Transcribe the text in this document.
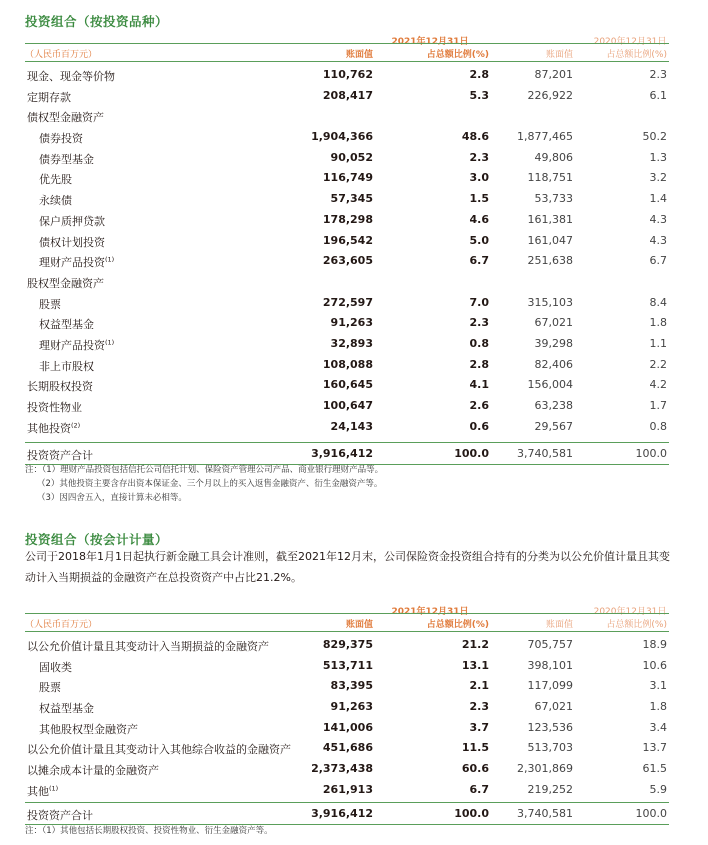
投资组合（按投资品种）
2021年12月31日	2020年12月31日
（人民币百万元）	账面值	占总额比例(%)	账面值	占总额比例(%)
现金、现金等价物	110,762	2.8	87,201	2.3
定期存款	208,417	5.3	226,922	6.1
债权型金融资产
债券投资	1,904,366	48.6	1,877,465	50.2
债券型基金	90,052	2.3	49,806	1.3
优先股	116,749	3.0	118,751	3.2
永续债	57,345	1.5	53,733	1.4
保户质押贷款	178,298	4.6	161,381	4.3
债权计划投资	196,542	5.0	161,047	4.3
理财产品投资$^{(1)}$	263,605	6.7	251,638	6.7
股权型金融资产
股票	272,597	7.0	315,103	8.4
权益型基金	91,263	2.3	67,021	1.8
理财产品投资$^{(1)}$	32,893	0.8	39,298	1.1
非上市股权	108,088	2.8	82,406	2.2
长期股权投资	160,645	4.1	156,004	4.2
投资性物业	100,647	2.6	63,238	1.7
其他投资$^{(2)}$	24,143	0.6	29,567	0.8
投资资产合计	3,916,412	100.0	3,740,581	100.0
注：（1）理财产品投资包括信托公司信托计划、保险资产管理公司产品、商业银行理财产品等。
（2）其他投资主要含存出资本保证金、三个月以上的买入返售金融资产、衍生金融资产等。
（3）因四舍五入，直接计算未必相等。
投资组合（按会计计量）
公司于2018年1月1日起执行新金融工具会计准则，截至2021年12月末，公司保险资金投资组合持有的分类为以公允价值计量且其变动计入当期损益的金融资产在总投资资产中占比21.2%。
2021年12月31日	2020年12月31日
（人民币百万元）	账面值	占总额比例(%)	账面值	占总额比例(%)
以公允价值计量且其变动计入当期损益的金融资产	829,375	21.2	705,757	18.9
固收类	513,711	13.1	398,101	10.6
股票	83,395	2.1	117,099	3.1
权益型基金	91,263	2.3	67,021	1.8
其他股权型金融资产	141,006	3.7	123,536	3.4
以公允价值计量且其变动计入其他综合收益的金融资产	451,686	11.5	513,703	13.7
以摊余成本计量的金融资产	2,373,438	60.6	2,301,869	61.5
其他$^{(1)}$	261,913	6.7	219,252	5.9
投资资产合计	3,916,412	100.0	3,740,581	100.0
注：（1）其他包括长期股权投资、投资性物业、衍生金融资产等。
